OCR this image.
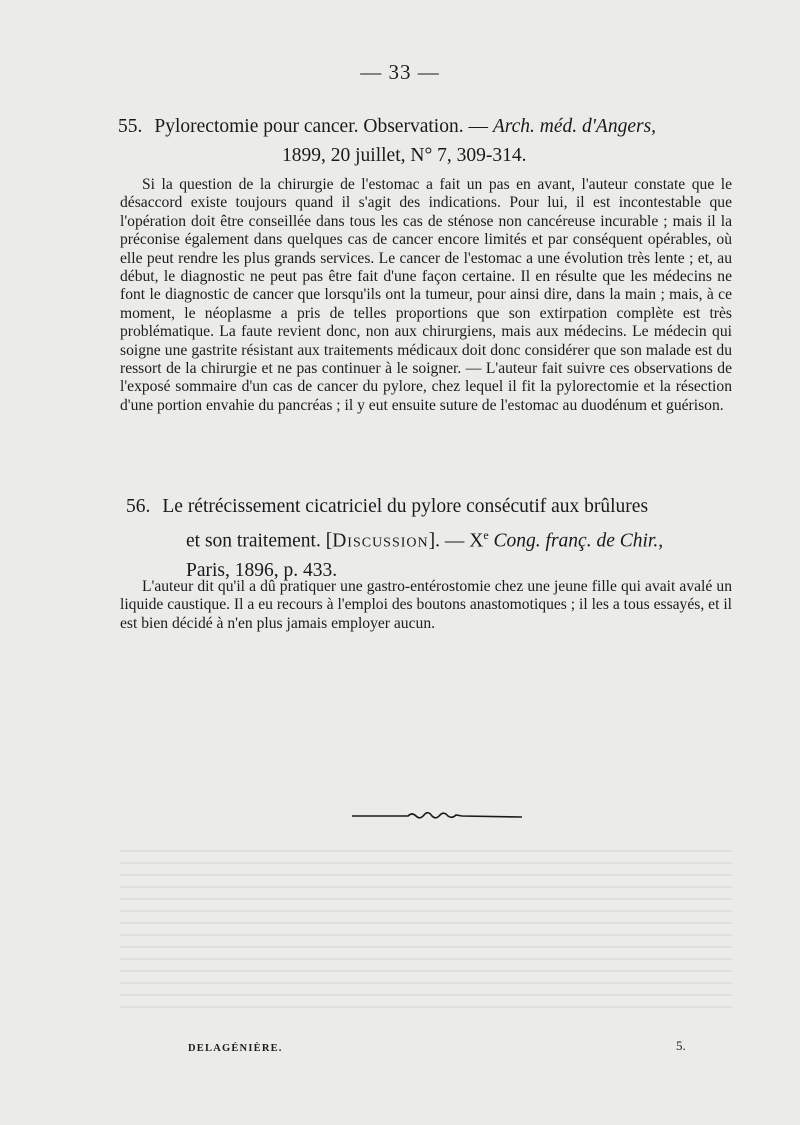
— 33 —
55. Pylorectomie pour cancer. Observation. — Arch. méd. d'Angers,
1899, 20 juillet, N° 7, 309-314.
Si la question de la chirurgie de l'estomac a fait un pas en avant, l'auteur constate que le désaccord existe toujours quand il s'agit des indications. Pour lui, il est incontestable que l'opération doit être conseillée dans tous les cas de sténose non cancéreuse incurable ; mais il la préconise également dans quelques cas de cancer encore limités et par conséquent opérables, où elle peut rendre les plus grands services. Le cancer de l'estomac a une évolution très lente ; et, au début, le diagnostic ne peut pas être fait d'une façon certaine. Il en résulte que les médecins ne font le diagnostic de cancer que lorsqu'ils ont la tumeur, pour ainsi dire, dans la main ; mais, à ce moment, le néoplasme a pris de telles proportions que son extirpation complète est très problématique. La faute revient donc, non aux chirurgiens, mais aux médecins. Le médecin qui soigne une gastrite résistant aux traitements médicaux doit donc considérer que son malade est du ressort de la chirurgie et ne pas continuer à le soigner. — L'auteur fait suivre ces observations de l'exposé sommaire d'un cas de cancer du pylore, chez lequel il fit la pylorectomie et la résection d'une portion envahie du pancréas ; il y eut ensuite suture de l'estomac au duodénum et guérison.
56. Le rétrécissement cicatriciel du pylore consécutif aux brûlures
et son traitement. [Discussion]. — Xe Cong. franç. de Chir.,
Paris, 1896, p. 433.
L'auteur dit qu'il a dû pratiquer une gastro-entérostomie chez une jeune fille qui avait avalé un liquide caustique. Il a eu recours à l'emploi des boutons anastomotiques ; il les a tous essayés, et il est bien décidé à n'en plus jamais employer aucun.
DELAGÉNIÈRE.	5.
